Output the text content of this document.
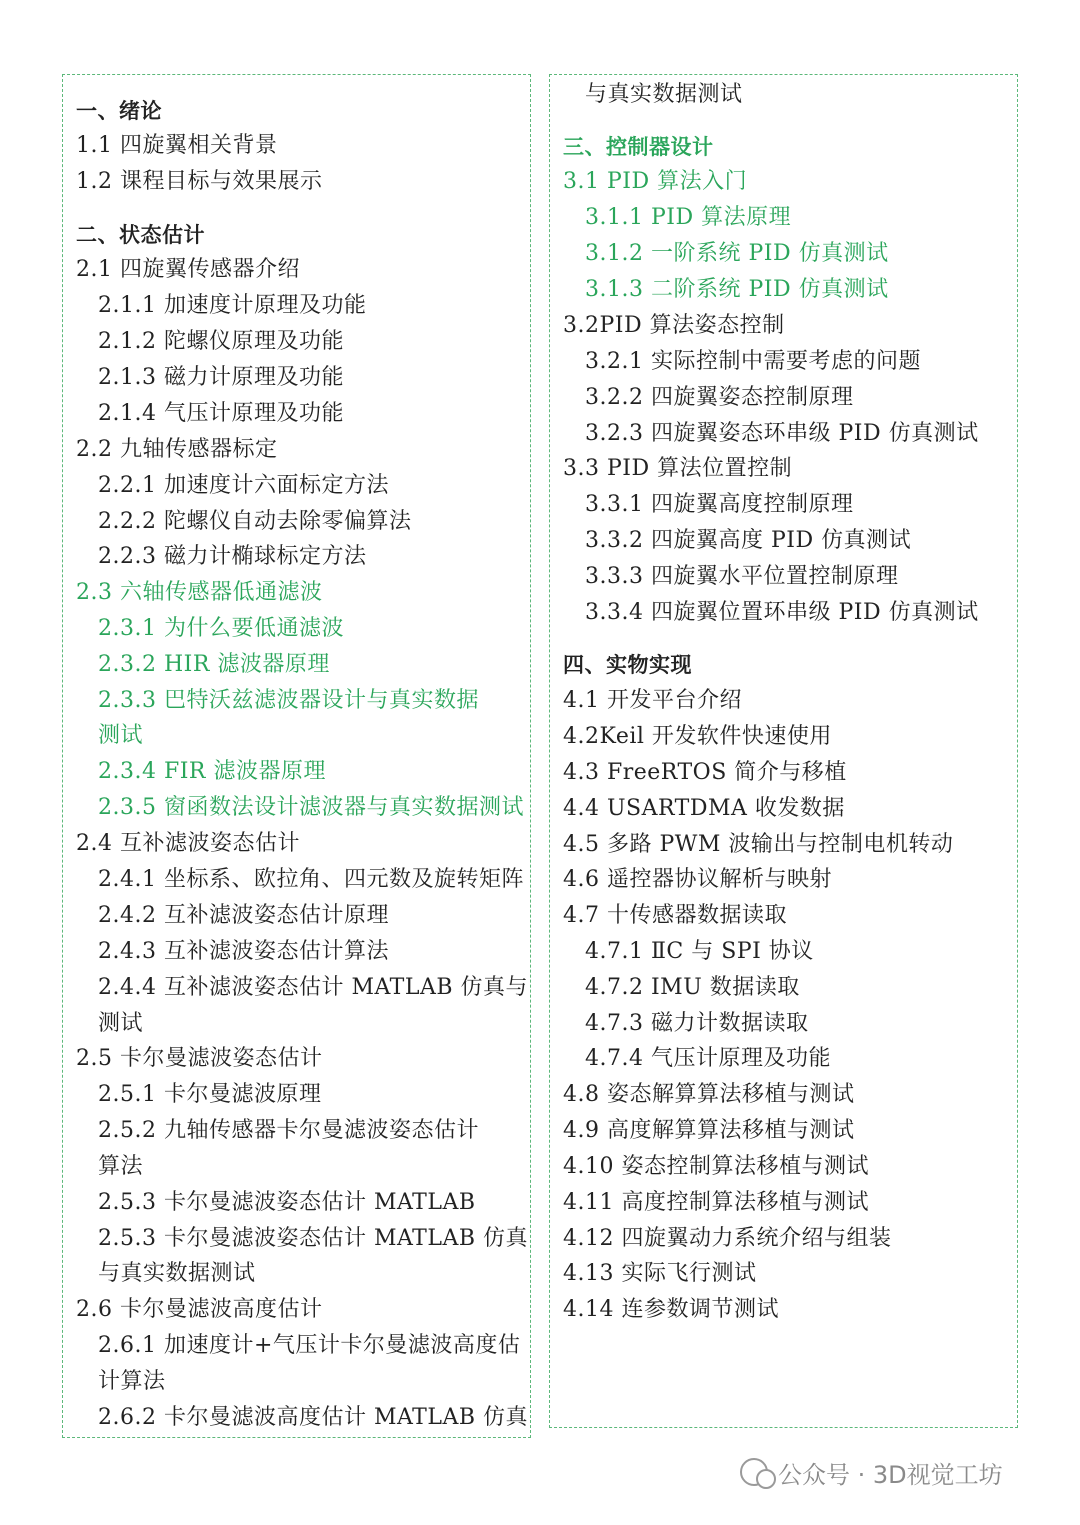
一、绪论
1.1 四旋翼相关背景
1.2 课程目标与效果展示
二、状态估计
2.1 四旋翼传感器介绍
2.1.1 加速度计原理及功能
2.1.2 陀螺仪原理及功能
2.1.3 磁力计原理及功能
2.1.4 气压计原理及功能
2.2 九轴传感器标定
2.2.1 加速度计六面标定方法
2.2.2 陀螺仪自动去除零偏算法
2.2.3 磁力计椭球标定方法
2.3 六轴传感器低通滤波
2.3.1 为什么要低通滤波
2.3.2 HIR 滤波器原理
2.3.3 巴特沃兹滤波器设计与真实数据
测试
2.3.4 FIR 滤波器原理
2.3.5 窗函数法设计滤波器与真实数据测试
2.4 互补滤波姿态估计
2.4.1 坐标系、欧拉角、四元数及旋转矩阵
2.4.2 互补滤波姿态估计原理
2.4.3 互补滤波姿态估计算法
2.4.4 互补滤波姿态估计 MATLAB 仿真与
测试
2.5 卡尔曼滤波姿态估计
2.5.1 卡尔曼滤波原理
2.5.2 九轴传感器卡尔曼滤波姿态估计
算法
2.5.3 卡尔曼滤波姿态估计 MATLAB
2.5.3 卡尔曼滤波姿态估计 MATLAB 仿真
与真实数据测试
2.6 卡尔曼滤波高度估计
2.6.1 加速度计+气压计卡尔曼滤波高度估
计算法
2.6.2 卡尔曼滤波高度估计 MATLAB 仿真
与真实数据测试
三、控制器设计
3.1 PID 算法入门
3.1.1 PID 算法原理
3.1.2 一阶系统 PID 仿真测试
3.1.3 二阶系统 PID 仿真测试
3.2PID 算法姿态控制
3.2.1 实际控制中需要考虑的问题
3.2.2 四旋翼姿态控制原理
3.2.3 四旋翼姿态环串级 PID 仿真测试
3.3 PID 算法位置控制
3.3.1 四旋翼高度控制原理
3.3.2 四旋翼高度 PID 仿真测试
3.3.3 四旋翼水平位置控制原理
3.3.4 四旋翼位置环串级 PID 仿真测试
四、实物实现
4.1 开发平台介绍
4.2Keil 开发软件快速使用
4.3 FreeRTOS 简介与移植
4.4 USARTDMA 收发数据
4.5 多路 PWM 波输出与控制电机转动
4.6 遥控器协议解析与映射
4.7 十传感器数据读取
4.7.1 ⅡC 与 SPI 协议
4.7.2 IMU 数据读取
4.7.3 磁力计数据读取
4.7.4 气压计原理及功能
4.8 姿态解算算法移植与测试
4.9 高度解算算法移植与测试
4.10 姿态控制算法移植与测试
4.11 高度控制算法移植与测试
4.12 四旋翼动力系统介绍与组装
4.13 实际飞行测试
4.14 连参数调节测试
公众号 · 3D视觉工坊
